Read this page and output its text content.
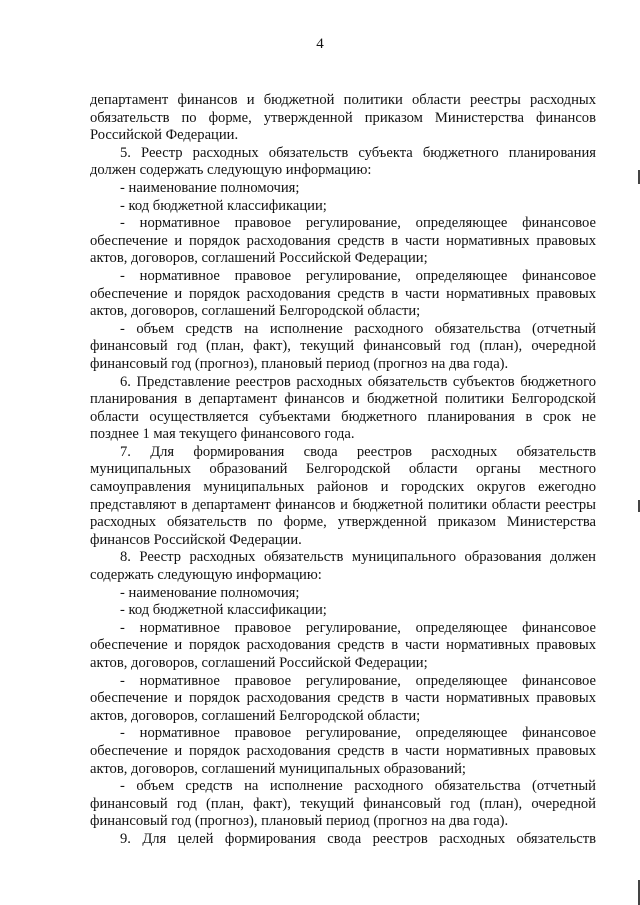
4

департамент финансов и бюджетной политики области реестры расходных обязательств по форме, утвержденной приказом Министерства финансов Российской Федерации.

5. Реестр расходных обязательств субъекта бюджетного планирования должен содержать следующую информацию:

- наименование полномочия;

- код бюджетной классификации;

- нормативное правовое регулирование, определяющее финансовое обеспечение и порядок расходования средств в части нормативных правовых актов, договоров, соглашений Российской Федерации;

- нормативное правовое регулирование, определяющее финансовое обеспечение и порядок расходования средств в части нормативных правовых актов, договоров, соглашений Белгородской области;

- объем средств на исполнение расходного обязательства (отчетный финансовый год (план, факт), текущий финансовый год (план), очередной финансовый год (прогноз), плановый период (прогноз на два года).

6. Представление реестров расходных обязательств субъектов бюджетного планирования в департамент финансов и бюджетной политики Белгородской области осуществляется субъектами бюджетного планирования в срок не позднее 1 мая текущего финансового года.

7. Для формирования свода реестров расходных обязательств муниципальных образований Белгородской области органы местного самоуправления муниципальных районов и городских округов ежегодно представляют в департамент финансов и бюджетной политики области реестры расходных обязательств по форме, утвержденной приказом Министерства финансов Российской Федерации.

8. Реестр расходных обязательств муниципального образования должен содержать следующую информацию:

- наименование полномочия;

- код бюджетной классификации;

- нормативное правовое регулирование, определяющее финансовое обеспечение и порядок расходования средств в части нормативных правовых актов, договоров, соглашений Российской Федерации;

- нормативное правовое регулирование, определяющее финансовое обеспечение и порядок расходования средств в части нормативных правовых актов, договоров, соглашений Белгородской области;

- нормативное правовое регулирование, определяющее финансовое обеспечение и порядок расходования средств в части нормативных правовых актов, договоров, соглашений муниципальных образований;

- объем средств на исполнение расходного обязательства (отчетный финансовый год (план, факт), текущий финансовый год (план), очередной финансовый год (прогноз), плановый период (прогноз на два года).

9. Для целей формирования свода реестров расходных обязательств
